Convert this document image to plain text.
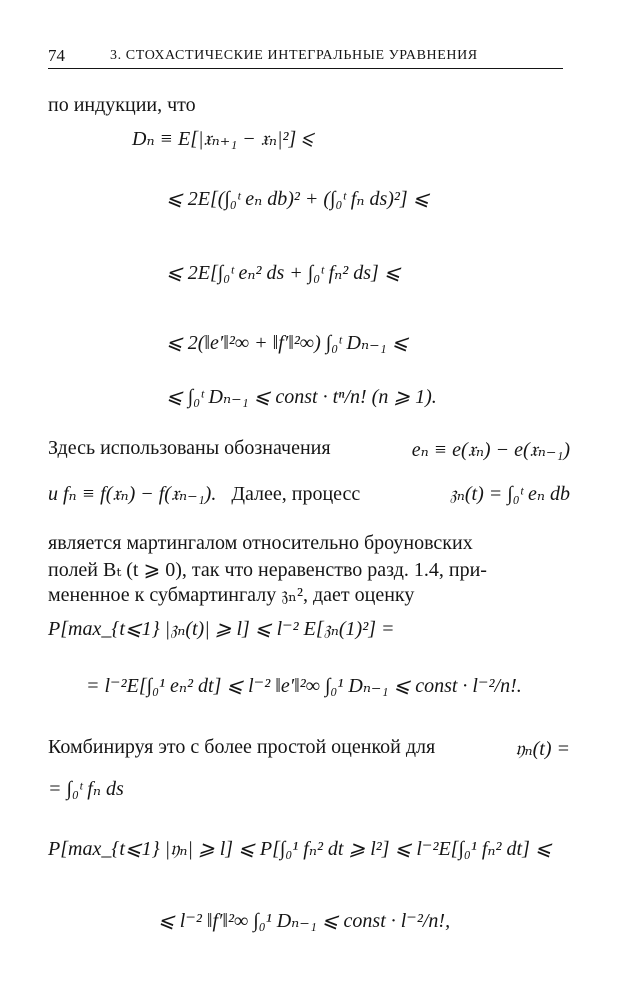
74	3. СТОХАСТИЧЕСКИЕ ИНТЕГРАЛЬНЫЕ УРАВНЕНИЯ
по индукции, что
Dₙ ≡ E[|𝔵ₙ₊₁ − 𝔵ₙ|²] ⩽
⩽ 2E[(∫₀ᵗ eₙ db)² + (∫₀ᵗ fₙ ds)²] ⩽
⩽ 2E[∫₀ᵗ eₙ² ds + ∫₀ᵗ fₙ² ds] ⩽
⩽ 2(‖e′‖²∞ + ‖f′‖²∞) ∫₀ᵗ Dₙ₋₁ ⩽
⩽ ∫₀ᵗ Dₙ₋₁ ⩽ const · tⁿ/n! (n ⩾ 1).
Здесь использованы обозначения	eₙ ≡ e(𝔵ₙ) − e(𝔵ₙ₋₁)
и fₙ ≡ f(𝔵ₙ) − f(𝔵ₙ₋₁). Далее, процесс	𝔷ₙ(t) = ∫₀ᵗ eₙ db
является мартингалом относительно броуновских
полей Bₜ (t ⩾ 0), так что неравенство разд. 1.4, при-
мененное к субмартингалу 𝔷ₙ², дает оценку
P[max_{t⩽1} |𝔷ₙ(t)| ⩾ l] ⩽ l⁻² E[𝔷ₙ(1)²] =
= l⁻²E[∫₀¹ eₙ² dt] ⩽ l⁻² ‖e′‖²∞ ∫₀¹ Dₙ₋₁ ⩽ const · l⁻²/n!.
Комбинируя это с более простой оценкой для	𝔶ₙ(t) =
= ∫₀ᵗ fₙ ds
P[max_{t⩽1} |𝔶ₙ| ⩾ l] ⩽ P[∫₀¹ fₙ² dt ⩾ l²] ⩽ l⁻²E[∫₀¹ fₙ² dt] ⩽
⩽ l⁻² ‖f′‖²∞ ∫₀¹ Dₙ₋₁ ⩽ const · l⁻²/n!,
